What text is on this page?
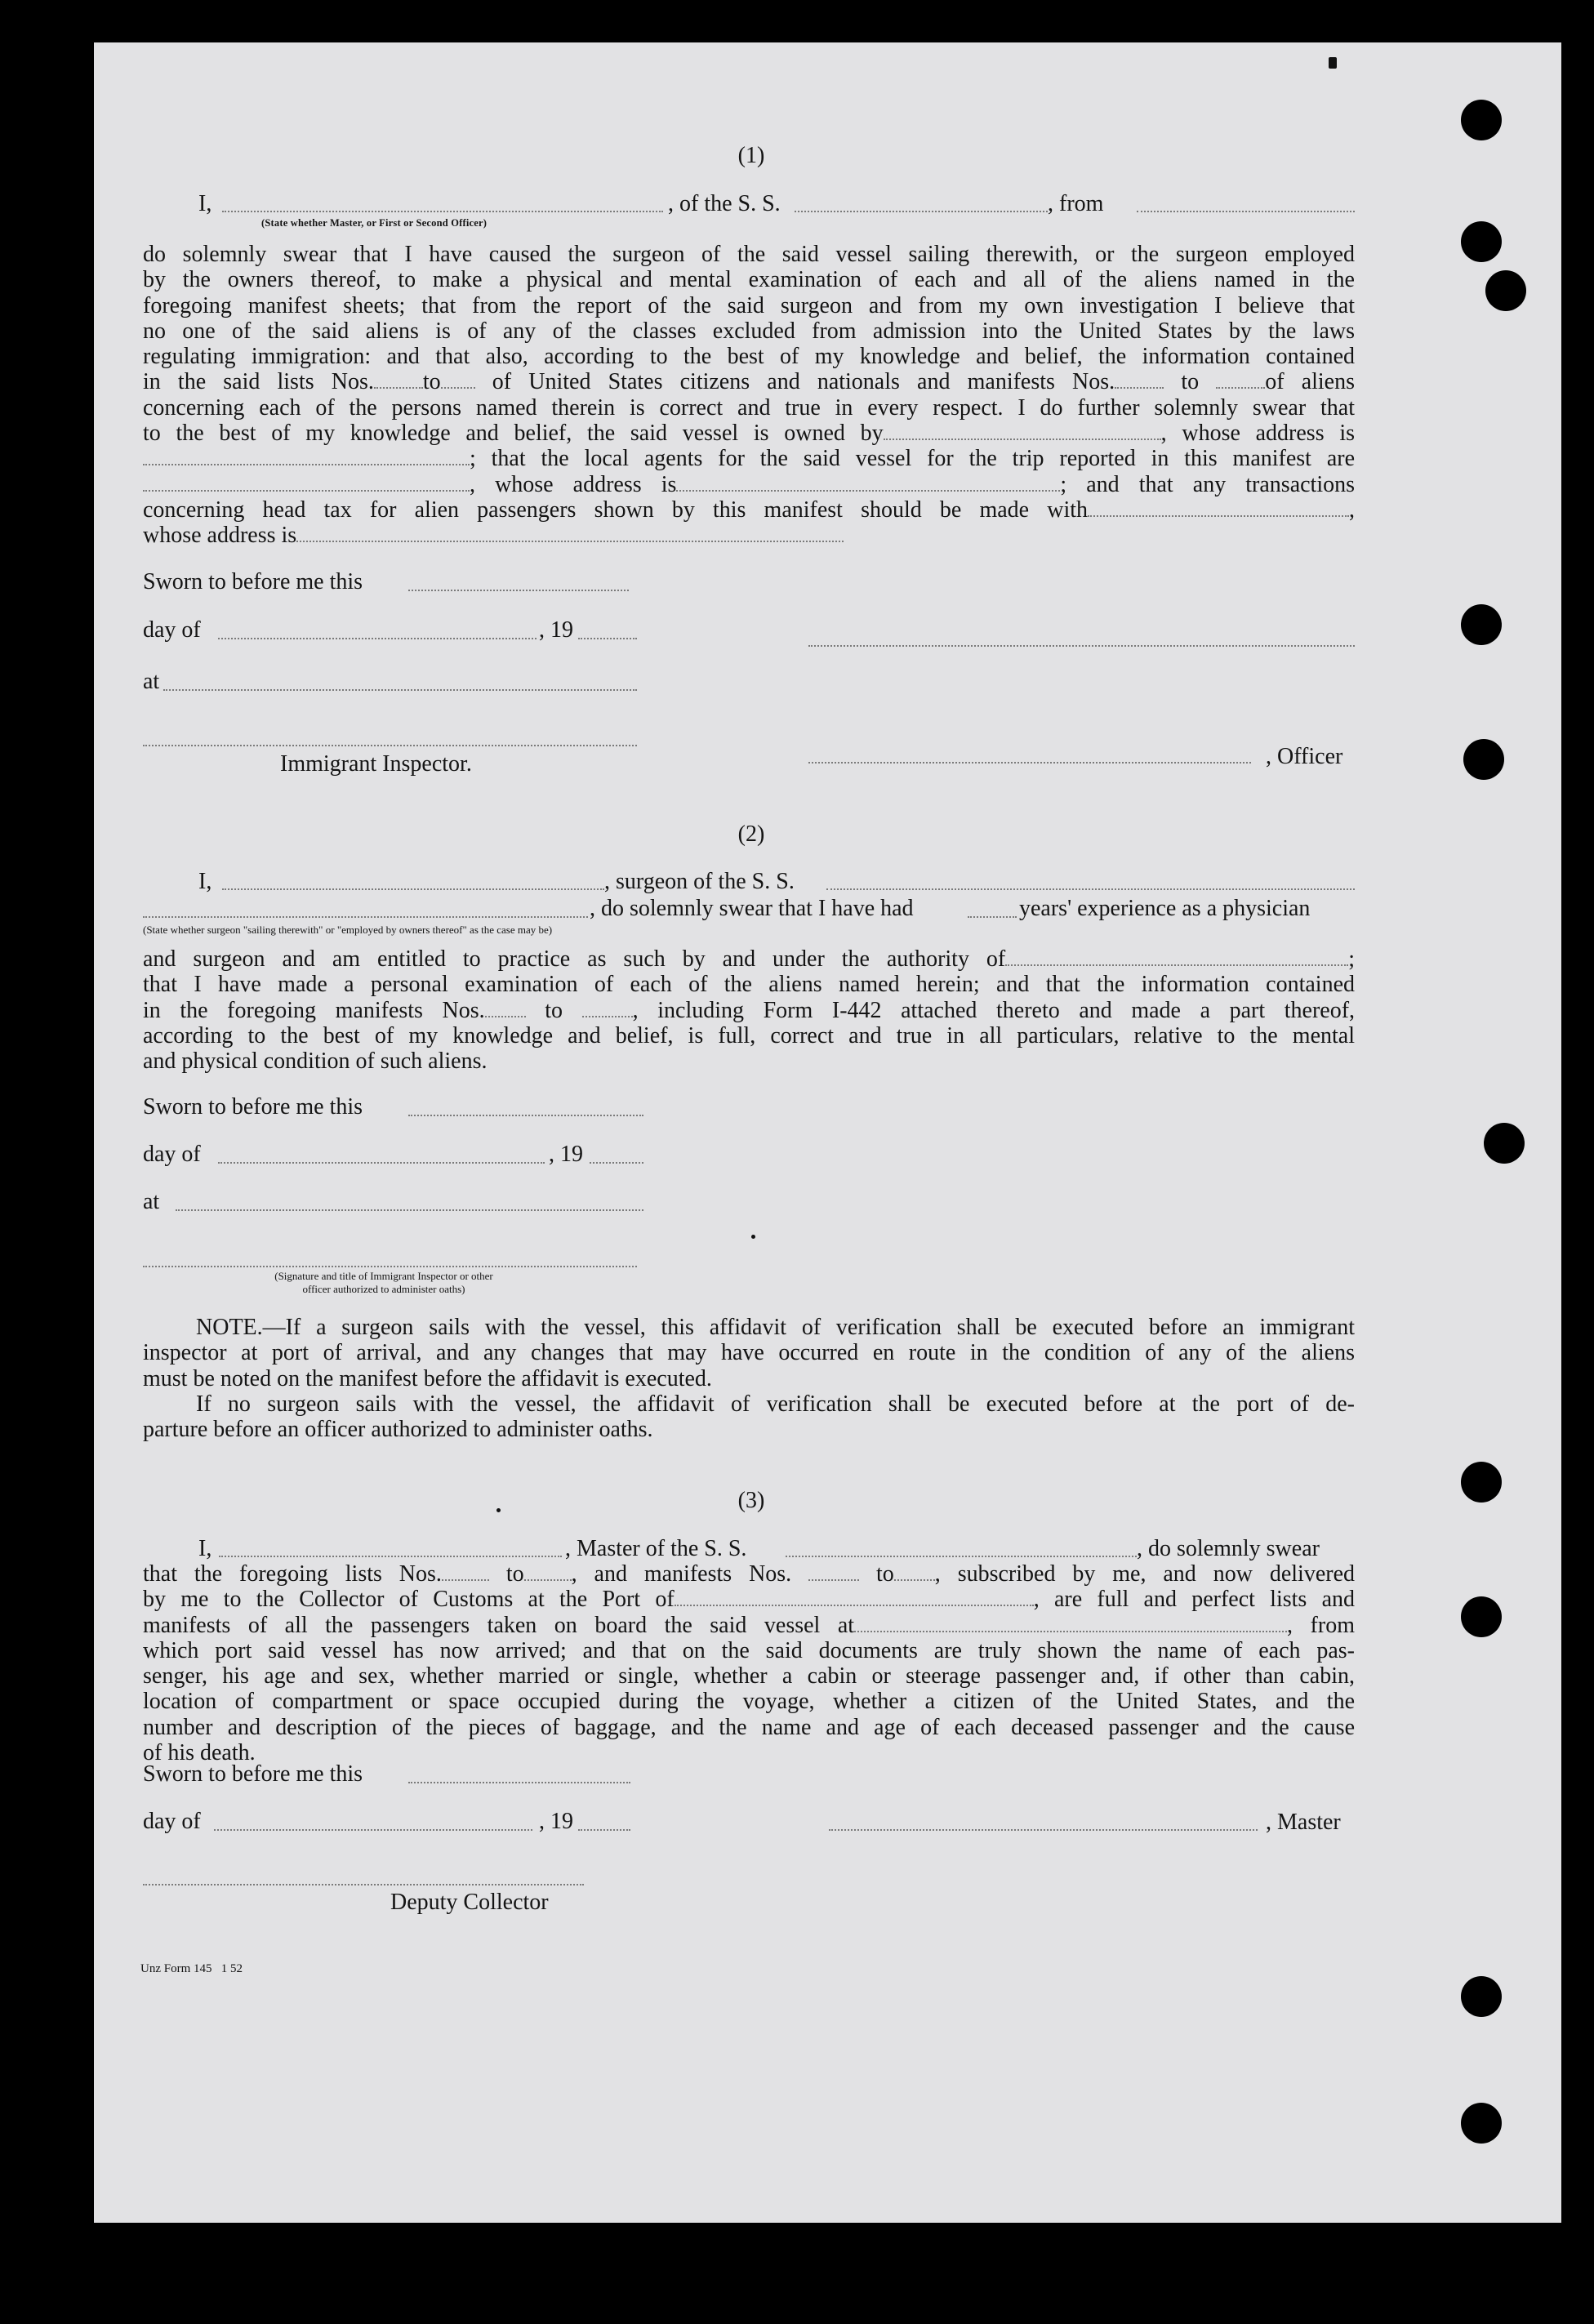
(1)
I,	, of the S. S.	, from
(State whether Master, or First or Second Officer)
do solemnly swear that I have caused the surgeon of the said vessel sailing therewith, or the surgeon employed
by the owners thereof, to make a physical and mental examination of each and all of the aliens named in the
foregoing manifest sheets; that from the report of the said surgeon and from my own investigation I believe that
no one of the said aliens is of any of the classes excluded from admission into the United States by the laws
regulating immigration: and that also, according to the best of my knowledge and belief, the information contained
in the said lists Nos. to of United States citizens and nationals and manifests Nos.	to	of aliens
concerning each of the persons named therein is correct and true in every respect. I do further solemnly swear that
to the best of my knowledge and belief, the said vessel is owned by	, whose address is
; that the local agents for the said vessel for the trip reported in this manifest are
, whose address is	; and that any transactions
concerning head tax for alien passengers shown by this manifest should be made with	,
whose address is
Sworn to before me this
day of	, 19
at
Immigrant Inspector.	, Officer
(2)
I,	, surgeon of the S. S.
, do solemnly swear that I have had	years' experience as a physician
(State whether surgeon "sailing therewith" or "employed by owners thereof" as the case may be)
and surgeon and am entitled to practice as such by and under the authority of	;
that I have made a personal examination of each of the aliens named herein; and that the information contained
in the foregoing manifests Nos.	to	, including Form I-442 attached thereto and made a part thereof,
according to the best of my knowledge and belief, is full, correct and true in all particulars, relative to the mental
and physical condition of such aliens.
Sworn to before me this
day of	, 19
at
(Signature and title of Immigrant Inspector or other
officer authorized to administer oaths)
NOTE.—If a surgeon sails with the vessel, this affidavit of verification shall be executed before an immigrant
inspector at port of arrival, and any changes that may have occurred en route in the condition of any of the aliens
must be noted on the manifest before the affidavit is executed.
If no surgeon sails with the vessel, the affidavit of verification shall be executed before at the port of de-
parture before an officer authorized to administer oaths.
(3)
I,	, Master of the S. S.	, do solemnly swear
that the foregoing lists Nos.	to , and manifests Nos.	to , subscribed by me, and now delivered
by me to the Collector of Customs at the Port of	, are full and perfect lists and
manifests of all the passengers taken on board the said vessel at	, from
which port said vessel has now arrived; and that on the said documents are truly shown the name of each pas-
senger, his age and sex, whether married or single, whether a cabin or steerage passenger and, if other than cabin,
location of compartment or space occupied during the voyage, whether a citizen of the United States, and the
number and description of the pieces of baggage, and the name and age of each deceased passenger and the cause
of his death.
Sworn to before me this
day of	, 19	, Master
Deputy Collector
Unz Form 145   1 52
